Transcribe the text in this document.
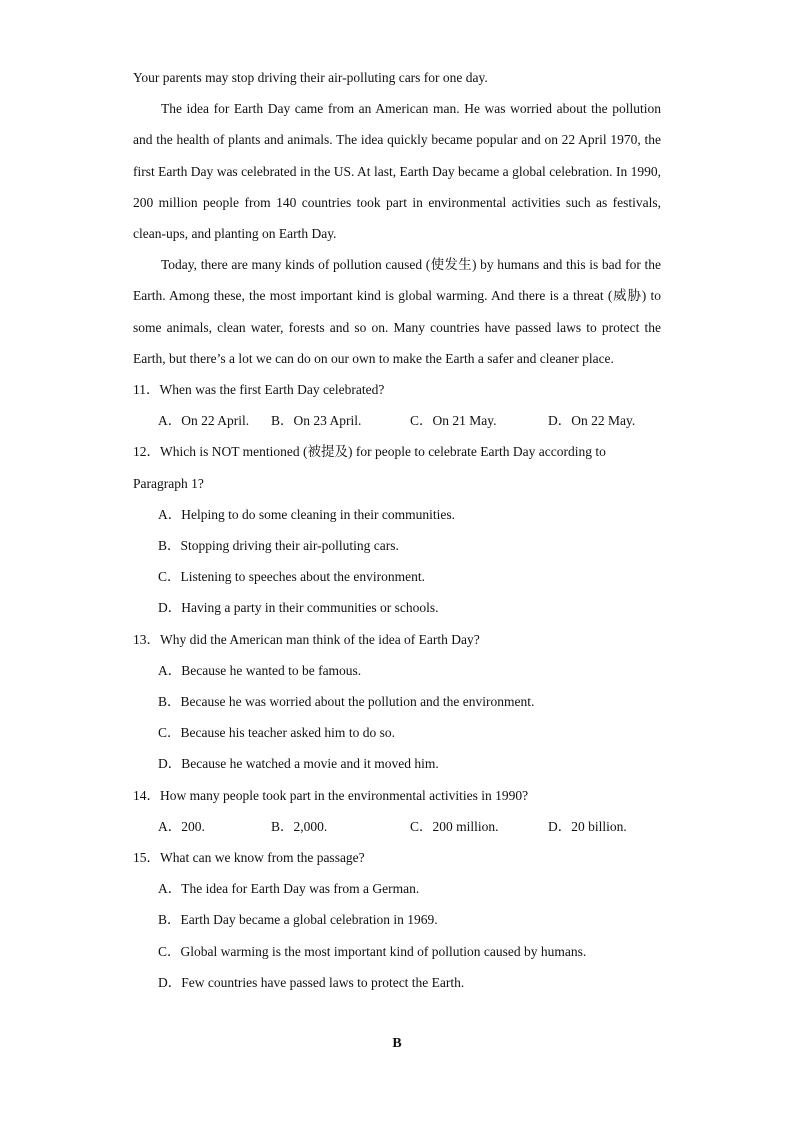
Your parents may stop driving their air-polluting cars for one day.
The idea for Earth Day came from an American man. He was worried about the pollution and the health of plants and animals. The idea quickly became popular and on 22 April 1970, the first Earth Day was celebrated in the US. At last, Earth Day became a global celebration. In 1990, 200 million people from 140 countries took part in environmental activities such as festivals, clean-ups, and planting on Earth Day.
Today, there are many kinds of pollution caused (使发生) by humans and this is bad for the Earth. Among these, the most important kind is global warming. And there is a threat (威胁) to some animals, clean water, forests and so on. Many countries have passed laws to protect the Earth, but there’s a lot we can do on our own to make the Earth a safer and cleaner place.
11．When was the first Earth Day celebrated?
A．On 22 April. B．On 23 April.	C．On 21 May.	D．On 22 May.
12．Which is NOT mentioned (被提及) for people to celebrate Earth Day according to Paragraph 1?
A．Helping to do some cleaning in their communities.
B．Stopping driving their air-polluting cars.
C．Listening to speeches about the environment.
D．Having a party in their communities or schools.
13．Why did the American man think of the idea of Earth Day?
A．Because he wanted to be famous.
B．Because he was worried about the pollution and the environment.
C．Because his teacher asked him to do so.
D．Because he watched a movie and it moved him.
14．How many people took part in the environmental activities in 1990?
A．200.	B．2,000.	C．200 million.	D．20 billion.
15．What can we know from the passage?
A．The idea for Earth Day was from a German.
B．Earth Day became a global celebration in 1969.
C．Global warming is the most important kind of pollution caused by humans.
D．Few countries have passed laws to protect the Earth.
B
